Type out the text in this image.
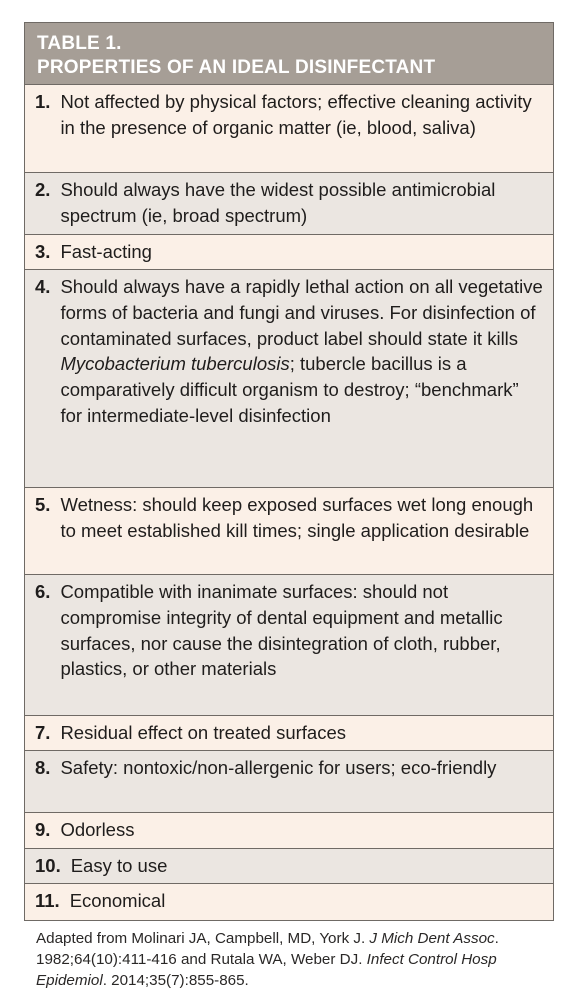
TABLE 1.
PROPERTIES OF AN IDEAL DISINFECTANT
1. Not affected by physical factors; effective cleaning activity in the presence of organic matter (ie, blood, saliva)
2. Should always have the widest possible antimicrobial spectrum (ie, broad spectrum)
3. Fast-acting
4. Should always have a rapidly lethal action on all vegetative forms of bacteria and fungi and viruses. For disinfection of contaminated surfaces, product label should state it kills Mycobacterium tuberculosis; tubercle bacillus is a comparatively difficult organism to destroy; “benchmark” for intermediate-level disinfection
5. Wetness: should keep exposed surfaces wet long enough to meet established kill times; single application desirable
6. Compatible with inanimate surfaces: should not compromise integrity of dental equipment and metallic surfaces, nor cause the disintegration of cloth, rubber, plastics, or other materials
7. Residual effect on treated surfaces
8. Safety: nontoxic/non-allergenic for users; eco-friendly
9. Odorless
10. Easy to use
11. Economical
Adapted from Molinari JA, Campbell, MD, York J. J Mich Dent Assoc. 1982;64(10):411-416 and Rutala WA, Weber DJ. Infect Control Hosp Epidemiol. 2014;35(7):855-865.
